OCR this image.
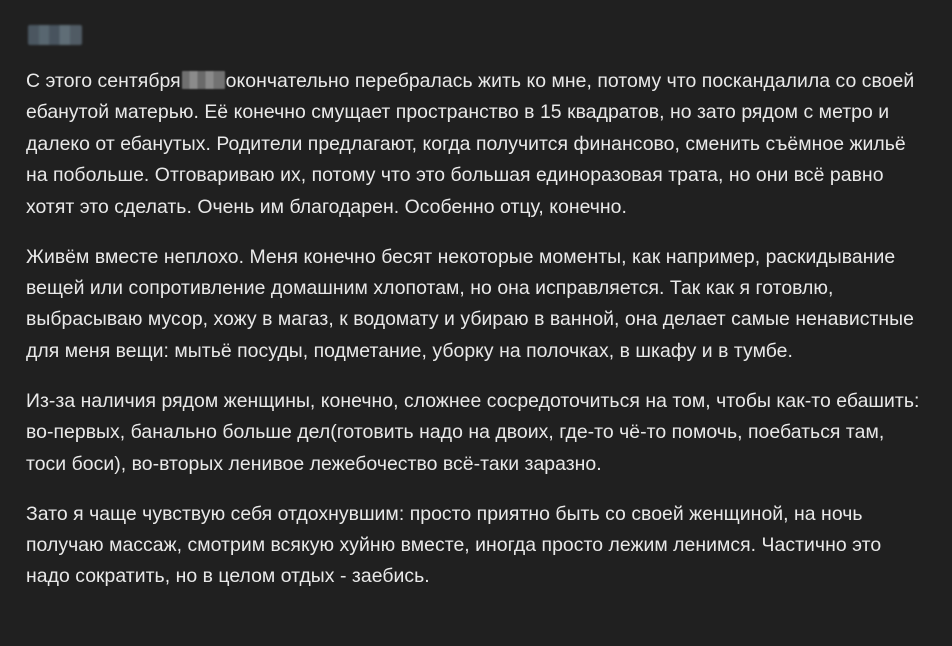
С этого сентября окончательно перебралась жить ко мне, потому что поскандалила со своей ебанутой матерью. Её конечно смущает пространство в 15 квадратов, но зато рядом с метро и далеко от ебанутых. Родители предлагают, когда получится финансово, сменить съёмное жильё на побольше. Отговариваю их, потому что это большая единоразовая трата, но они всё равно хотят это сделать. Очень им благодарен. Особенно отцу, конечно.

Живём вместе неплохо. Меня конечно бесят некоторые моменты, как например, раскидывание вещей или сопротивление домашним хлопотам, но она исправляется. Так как я готовлю, выбрасываю мусор, хожу в магаз, к водомату и убираю в ванной, она делает самые ненавистные для меня вещи: мытьё посуды, подметание, уборку на полочках, в шкафу и в тумбе.

Из-за наличия рядом женщины, конечно, сложнее сосредоточиться на том, чтобы как-то ебашить: во-первых, банально больше дел(готовить надо на двоих, где-то чё-то помочь, поебаться там, тоси боси), во-вторых ленивое лежебочество всё-таки заразно.

Зато я чаще чувствую себя отдохнувшим: просто приятно быть со своей женщиной, на ночь получаю массаж, смотрим всякую хуйню вместе, иногда просто лежим ленимся. Частично это надо сократить, но в целом отдых - заебись.
